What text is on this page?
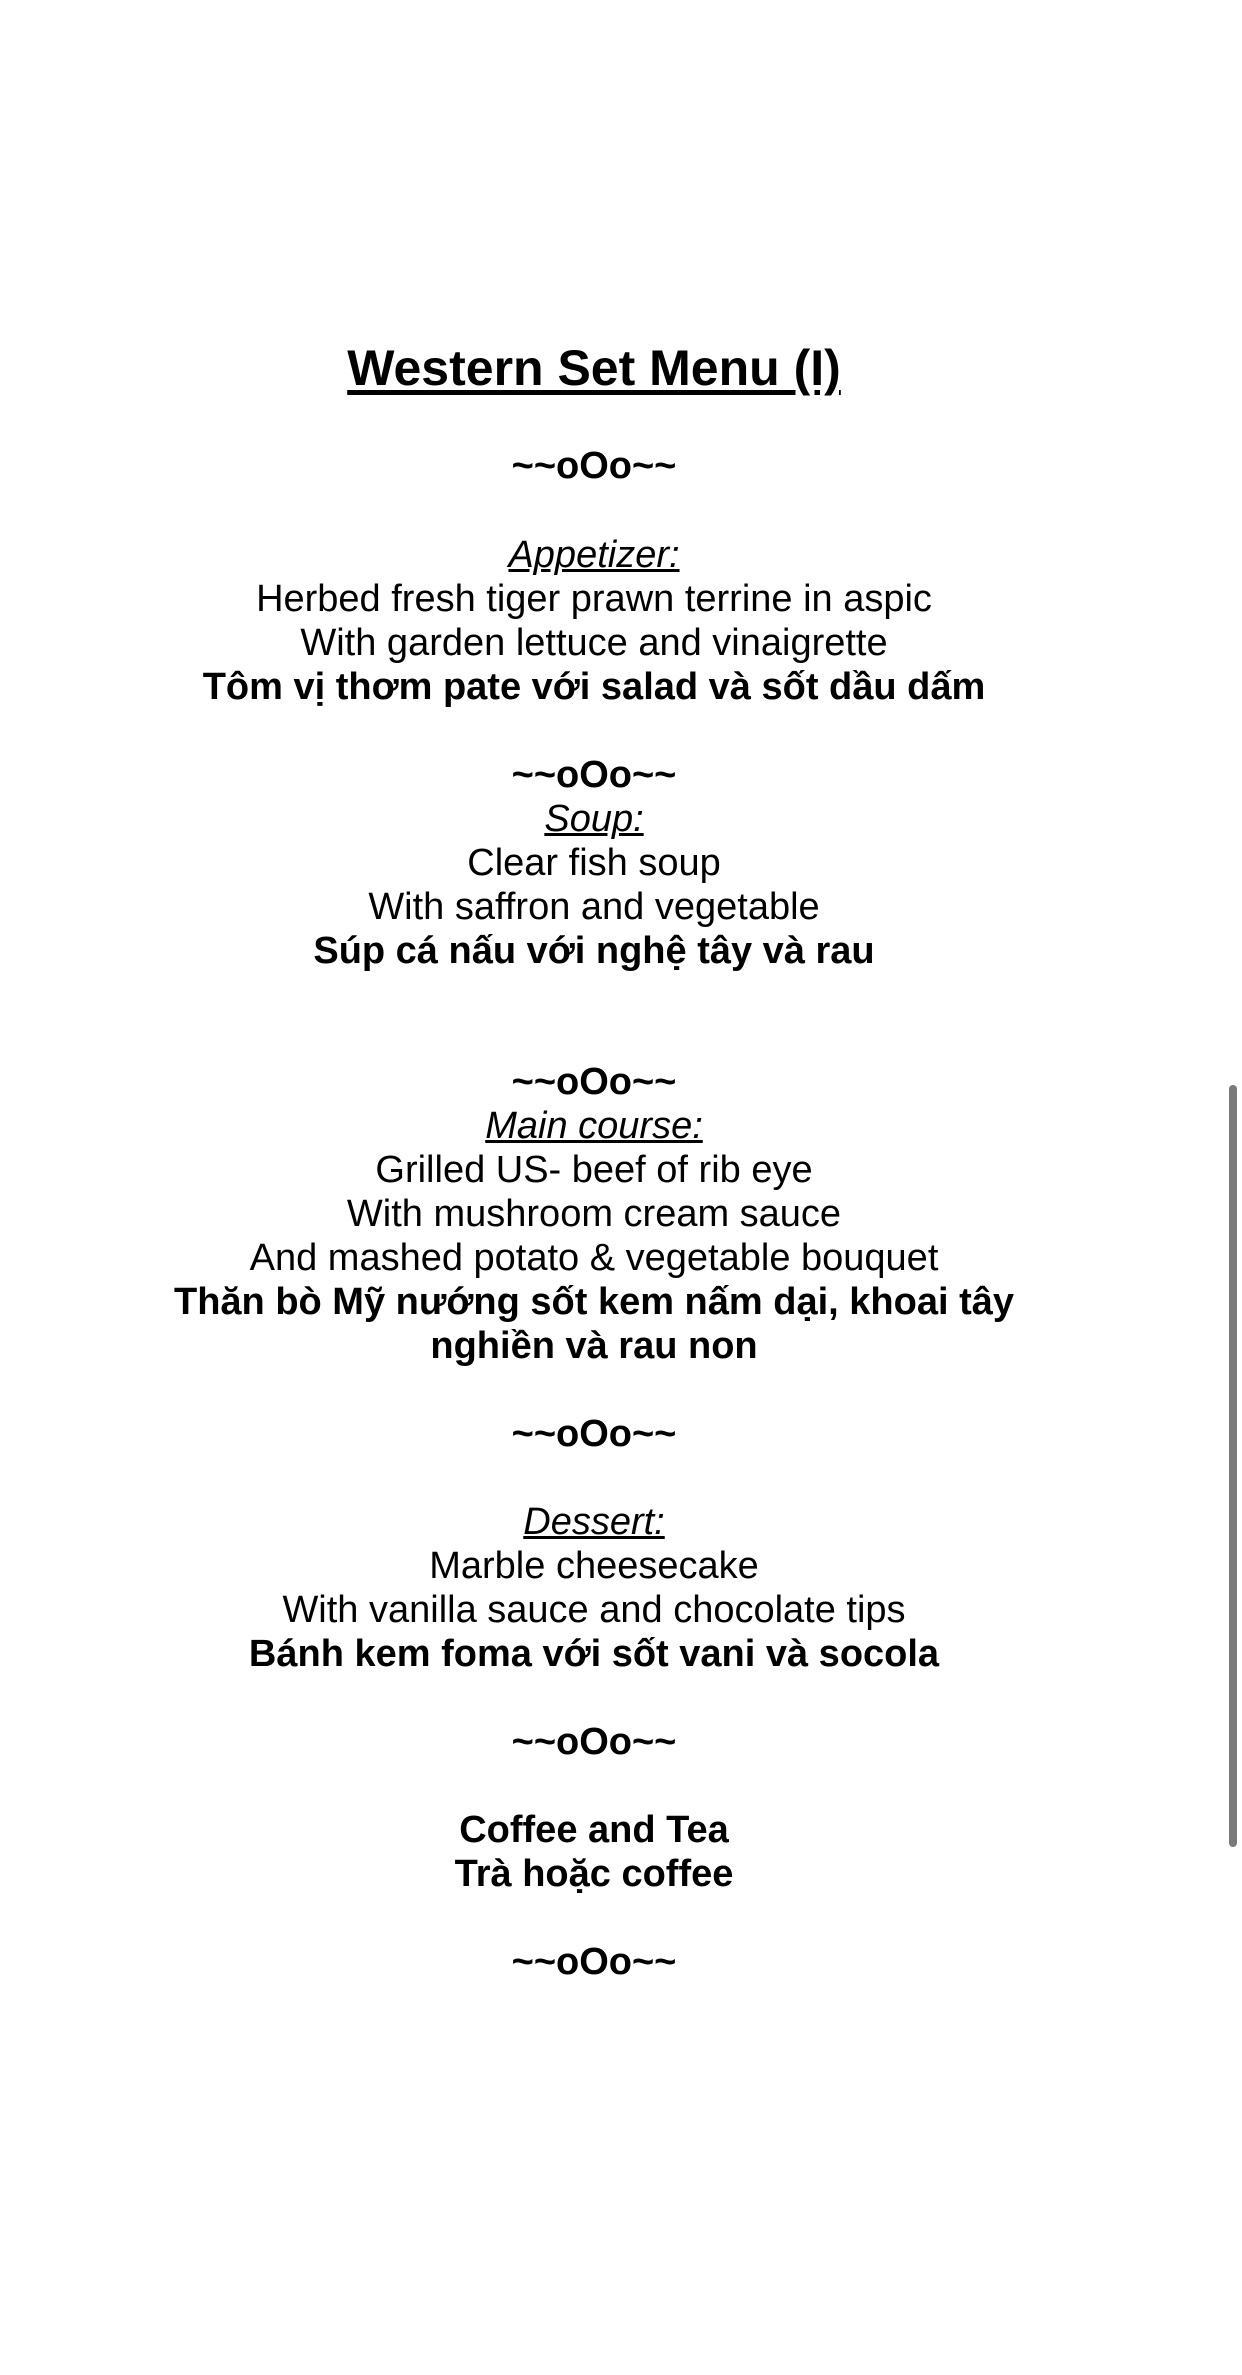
Western Set Menu (I)
~~oOo~~
Appetizer:
Herbed fresh tiger prawn terrine in aspic
With garden lettuce and vinaigrette
Tôm vị thơm pate với salad và sốt dầu dấm
~~oOo~~
Soup:
Clear fish soup
With saffron and vegetable
Súp cá nấu với nghệ tây và rau
~~oOo~~
Main course:
Grilled US- beef of rib eye
With mushroom cream sauce
And mashed potato & vegetable bouquet
Thăn bò Mỹ nướng sốt kem nấm dại, khoai tây
nghiền và rau non
~~oOo~~
Dessert:
Marble cheesecake
With vanilla sauce and chocolate tips
Bánh kem foma với sốt vani và socola
~~oOo~~
Coffee and Tea
Trà hoặc coffee
~~oOo~~
